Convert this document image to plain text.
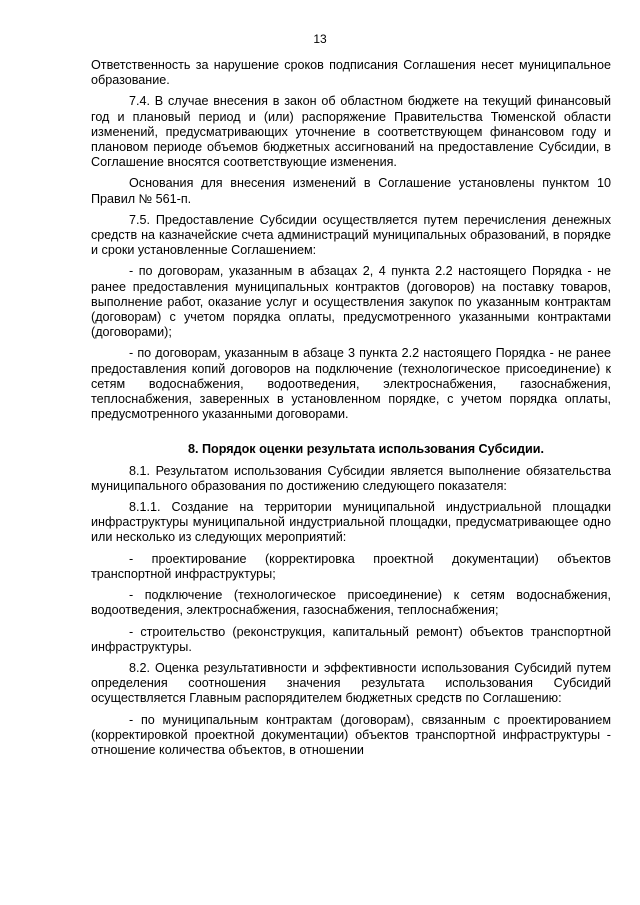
13

Ответственность за нарушение сроков подписания Соглашения несет муниципальное образование.

7.4. В случае внесения в закон об областном бюджете на текущий финансовый год и плановый период и (или) распоряжение Правительства Тюменской области изменений, предусматривающих уточнение в соответствующем финансовом году и плановом периоде объемов бюджетных ассигнований на предоставление Субсидии, в Соглашение вносятся соответствующие изменения.

Основания для внесения изменений в Соглашение установлены пунктом 10 Правил № 561-п.

7.5. Предоставление Субсидии осуществляется путем перечисления денежных средств на казначейские счета администраций муниципальных образований, в порядке и сроки установленные Соглашением:

- по договорам, указанным в абзацах 2, 4 пункта 2.2 настоящего Порядка - не ранее предоставления муниципальных контрактов (договоров) на поставку товаров, выполнение работ, оказание услуг и осуществления закупок по указанным контрактам (договорам) с учетом порядка оплаты, предусмотренного указанными контрактами (договорами);

- по договорам, указанным в абзаце 3 пункта 2.2 настоящего Порядка - не ранее предоставления копий договоров на подключение (технологическое присоединение) к сетям водоснабжения, водоотведения, электроснабжения, газоснабжения, теплоснабжения, заверенных в установленном порядке, с учетом порядка оплаты, предусмотренного указанными договорами.

8. Порядок оценки результата использования Субсидии.

8.1. Результатом использования Субсидии является выполнение обязательства муниципального образования по достижению следующего показателя:

8.1.1. Создание на территории муниципальной индустриальной площадки инфраструктуры муниципальной индустриальной площадки, предусматривающее одно или несколько из следующих мероприятий:

- проектирование (корректировка проектной документации) объектов транспортной инфраструктуры;

- подключение (технологическое присоединение) к сетям водоснабжения, водоотведения, электроснабжения, газоснабжения, теплоснабжения;

- строительство (реконструкция, капитальный ремонт) объектов транспортной инфраструктуры.

8.2. Оценка результативности и эффективности использования Субсидий путем определения соотношения значения результата использования Субсидий осуществляется Главным распорядителем бюджетных средств по Соглашению:

- по муниципальным контрактам (договорам), связанным с проектированием (корректировкой проектной документации) объектов транспортной инфраструктуры - отношение количества объектов, в отношении
